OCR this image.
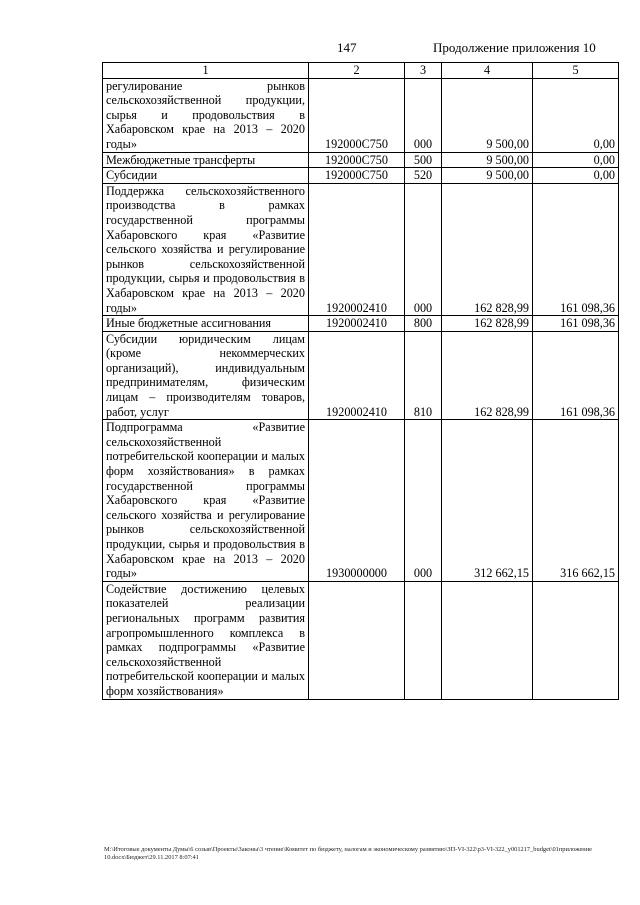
147	Продолжение приложения 10
1	2	3	4	5
регулирование рынков сельскохозяйственной продукции, сырья и продовольствия в Хабаровском крае на 2013 – 2020 годы»	192000С750	000	9 500,00	0,00
Межбюджетные трансферты	192000С750	500	9 500,00	0,00
Субсидии	192000С750	520	9 500,00	0,00
Поддержка сельскохозяйственного производства в рамках государственной программы Хабаровского края «Развитие сельского хозяйства и регулирование рынков сельскохозяйственной продукции, сырья и продовольствия в Хабаровском крае на 2013 – 2020 годы»	1920002410	000	162 828,99	161 098,36
Иные бюджетные ассигнования	1920002410	800	162 828,99	161 098,36
Субсидии юридическим лицам (кроме некоммерческих организаций), индивидуальным предпринимателям, физическим лицам – производителям товаров, работ, услуг	1920002410	810	162 828,99	161 098,36
Подпрограмма «Развитие сельскохозяйственной потребительской кооперации и малых форм хозяйствования» в рамках государственной программы Хабаровского края «Развитие сельского хозяйства и регулирование рынков сельскохозяйственной продукции, сырья и продовольствия в Хабаровском крае на 2013 – 2020 годы»	1930000000	000	312 662,15	316 662,15
Содействие достижению целевых показателей реализации региональных программ развития агропромышленного комплекса в рамках подпрограммы «Развитие сельскохозяйственной потребительской кооперации и малых форм хозяйствования»				
М:\Итоговые документы Думы\6 созыв\Проекты\Законы\3 чтение\Комитет по бюджету, налогам и экономическому развитию\ЗП-VI-322\р3-VI-322_у001217_budget\01приложение 10.docx\Бюджет\29.11.2017 8:07:41
